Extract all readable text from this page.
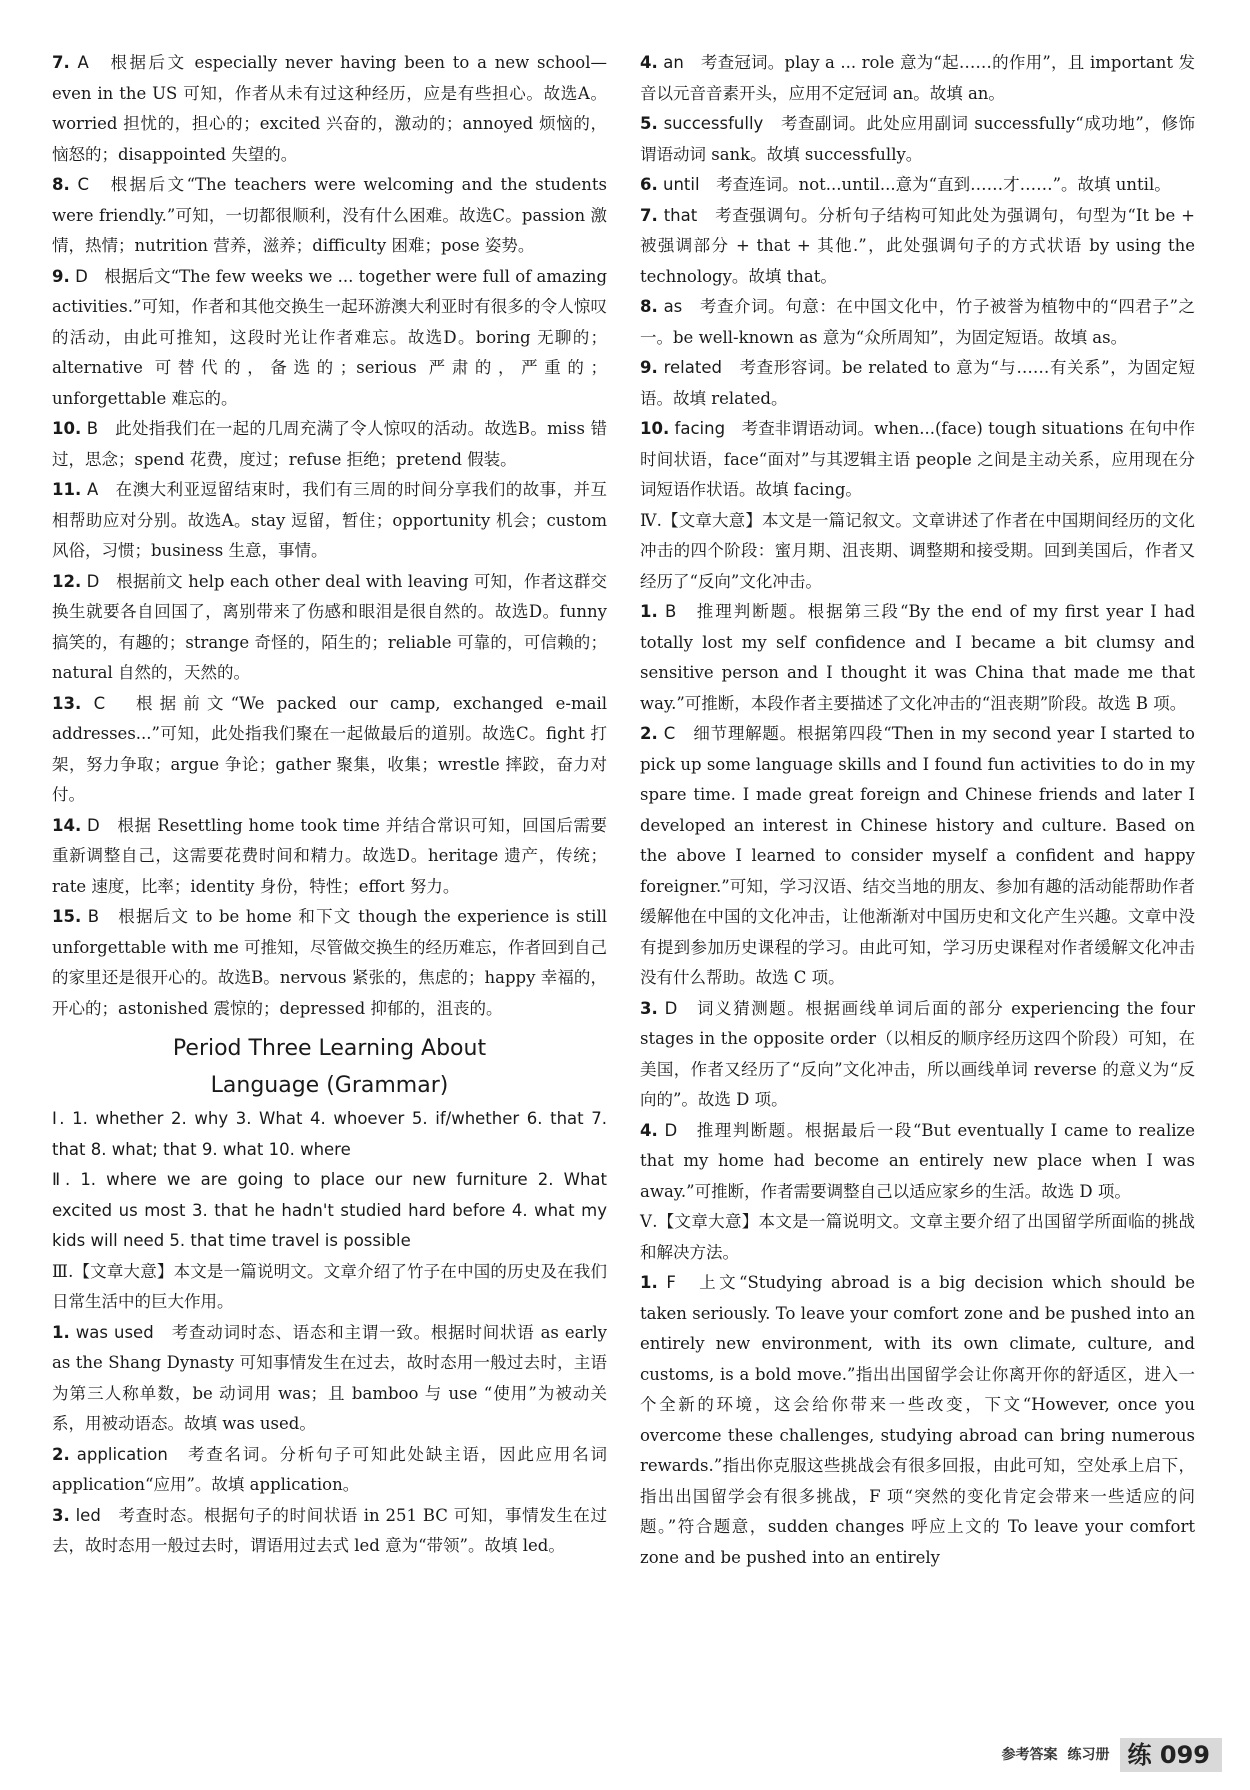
7. A　 根据后文 especially never having been to a new school—even in the US 可知，作者从未有过这种经历，应是有些担心。故选A。worried 担忧的，担心的；excited 兴奋的，激动的；annoyed 烦恼的，恼怒的；disappointed 失望的。

8. C　 根据后文“The teachers were welcoming and the students were friendly.”可知，一切都很顺利，没有什么困难。故选C。passion 激情，热情；nutrition 营养，滋养；difficulty 困难；pose 姿势。

9. D　 根据后文“The few weeks we ... together were full of amazing activities.”可知，作者和其他交换生一起环游澳大利亚时有很多的令人惊叹的活动，由此可推知，这段时光让作者难忘。故选D。boring 无聊的；alternative 可替代的，备选的；serious 严肃的，严重的；unforgettable 难忘的。

10. B　 此处指我们在一起的几周充满了令人惊叹的活动。故选B。miss 错过，思念；spend 花费，度过；refuse 拒绝；pretend 假装。

11. A　 在澳大利亚逗留结束时，我们有三周的时间分享我们的故事，并互相帮助应对分别。故选A。stay 逗留，暂住；opportunity 机会；custom 风俗，习惯；business 生意，事情。

12. D　 根据前文 help each other deal with leaving 可知，作者这群交换生就要各自回国了，离别带来了伤感和眼泪是很自然的。故选D。funny 搞笑的，有趣的；strange 奇怪的，陌生的；reliable 可靠的，可信赖的；natural 自然的，天然的。

13. C　 根据前文“We packed our camp, exchanged e-mail addresses...”可知，此处指我们聚在一起做最后的道别。故选C。fight 打架，努力争取；argue 争论；gather 聚集，收集；wrestle 摔跤，奋力对付。

14. D　 根据 Resettling home took time 并结合常识可知，回国后需要重新调整自己，这需要花费时间和精力。故选D。heritage 遗产，传统；rate 速度，比率；identity 身份，特性；effort 努力。

15. B　 根据后文 to be home 和下文 though the experience is still unforgettable with me 可推知，尽管做交换生的经历难忘，作者回到自己的家里还是很开心的。故选B。nervous 紧张的，焦虑的；happy 幸福的，开心的；astonished 震惊的；depressed 抑郁的，沮丧的。

Period Three Learning About
Language (Grammar)

Ⅰ. 1. whether 2. why 3. What 4. whoever 5. if/whether 6. that 7. that 8. what; that 9. what 10. where

Ⅱ. 1. where we are going to place our new furniture 2. What excited us most 3. that he hadn't studied hard before 4. what my kids will need 5. that time travel is possible

Ⅲ.【文章大意】本文是一篇说明文。文章介绍了竹子在中国的历史及在我们日常生活中的巨大作用。

1. was used　 考查动词时态、语态和主谓一致。根据时间状语 as early as the Shang Dynasty 可知事情发生在过去，故时态用一般过去时，主语为第三人称单数，be 动词用 was；且 bamboo 与 use “使用”为被动关系，用被动语态。故填 was used。

2. application　 考查名词。分析句子可知此处缺主语，因此应用名词 application“应用”。故填 application。

3. led　 考查时态。根据句子的时间状语 in 251 BC 可知，事情发生在过去，故时态用一般过去时，谓语用过去式 led 意为“带领”。故填 led。

4. an　 考查冠词。play a ... role 意为“起……的作用”，且 important 发音以元音音素开头，应用不定冠词 an。故填 an。

5. successfully　 考查副词。此处应用副词 successfully“成功地”，修饰谓语动词 sank。故填 successfully。

6. until　 考查连词。not...until...意为“直到……才……”。故填 until。

7. that　 考查强调句。分析句子结构可知此处为强调句，句型为“It be + 被强调部分 + that + 其他.”，此处强调句子的方式状语 by using the technology。故填 that。

8. as　 考查介词。句意：在中国文化中，竹子被誉为植物中的“四君子”之一。be well-known as 意为“众所周知”，为固定短语。故填 as。

9. related　 考查形容词。be related to 意为“与……有关系”，为固定短语。故填 related。

10. facing　 考查非谓语动词。when...(face) tough situations 在句中作时间状语，face“面对”与其逻辑主语 people 之间是主动关系，应用现在分词短语作状语。故填 facing。

Ⅳ.【文章大意】本文是一篇记叙文。文章讲述了作者在中国期间经历的文化冲击的四个阶段：蜜月期、沮丧期、调整期和接受期。回到美国后，作者又经历了“反向”文化冲击。

1. B　 推理判断题。根据第三段“By the end of my first year I had totally lost my self confidence and I became a bit clumsy and sensitive person and I thought it was China that made me that way.”可推断，本段作者主要描述了文化冲击的“沮丧期”阶段。故选 B 项。

2. C　 细节理解题。根据第四段“Then in my second year I started to pick up some language skills and I found fun activities to do in my spare time. I made great foreign and Chinese friends and later I developed an interest in Chinese history and culture. Based on the above I learned to consider myself a confident and happy foreigner.”可知，学习汉语、结交当地的朋友、参加有趣的活动能帮助作者缓解他在中国的文化冲击，让他渐渐对中国历史和文化产生兴趣。文章中没有提到参加历史课程的学习。由此可知，学习历史课程对作者缓解文化冲击没有什么帮助。故选 C 项。

3. D　 词义猜测题。根据画线单词后面的部分 experiencing the four stages in the opposite order（以相反的顺序经历这四个阶段）可知，在美国，作者又经历了“反向”文化冲击，所以画线单词 reverse 的意义为“反向的”。故选 D 项。

4. D　 推理判断题。根据最后一段“But eventually I came to realize that my home had become an entirely new place when I was away.”可推断，作者需要调整自己以适应家乡的生活。故选 D 项。

Ⅴ.【文章大意】本文是一篇说明文。文章主要介绍了出国留学所面临的挑战和解决方法。

1. F　 上文“Studying abroad is a big decision which should be taken seriously. To leave your comfort zone and be pushed into an entirely new environment, with its own climate, culture, and customs, is a bold move.”指出出国留学会让你离开你的舒适区，进入一个全新的环境，这会给你带来一些改变，下文“However, once you overcome these challenges, studying abroad can bring numerous rewards.”指出你克服这些挑战会有很多回报，由此可知，空处承上启下，指出出国留学会有很多挑战，F 项“突然的变化肯定会带来一些适应的问题。”符合题意，sudden changes 呼应上文的 To leave your comfort zone and be pushed into an entirely

参考答案 练习册 练 099
